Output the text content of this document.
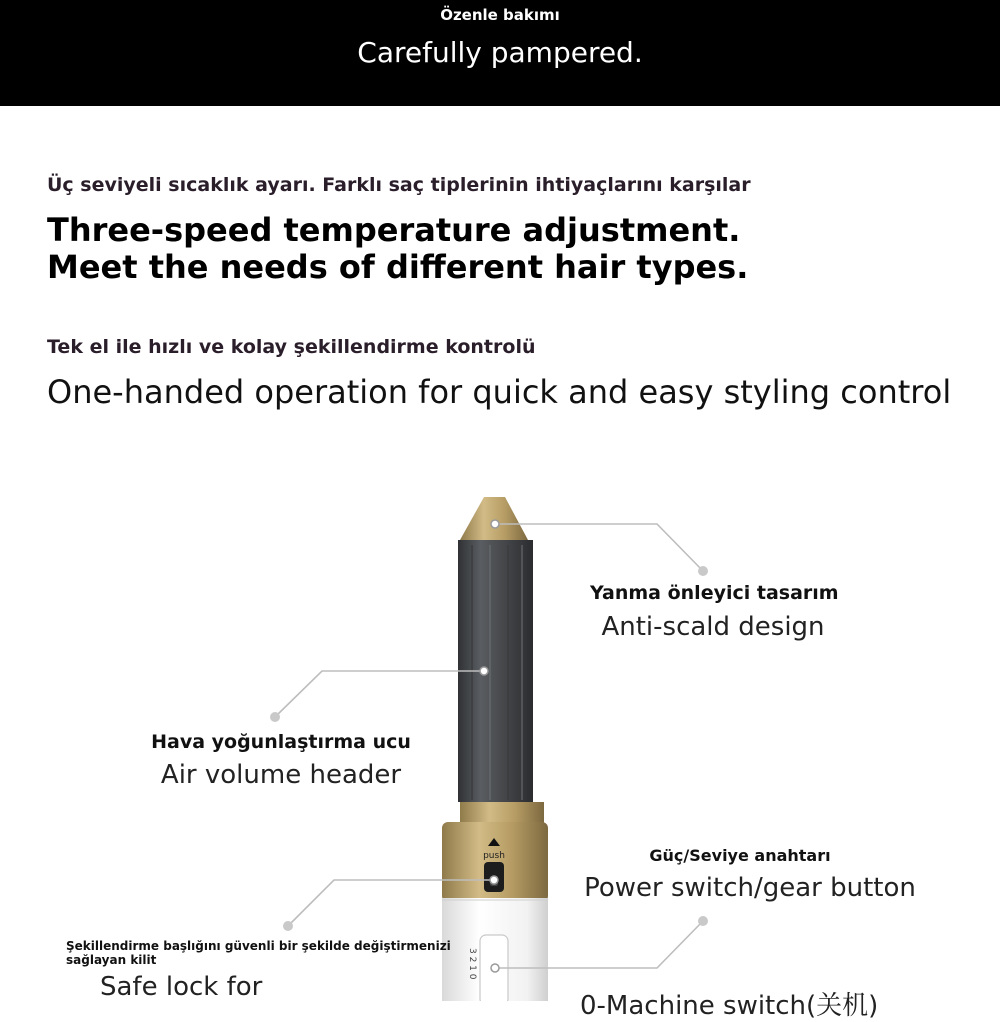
Özenle bakımı
Carefully pampered.
Üç seviyeli sıcaklık ayarı. Farklı saç tiplerinin ihtiyaçlarını karşılar
Three-speed temperature adjustment.
Meet the needs of different hair types.
Tek el ile hızlı ve kolay şekillendirme kontrolü
One-handed operation for quick and easy styling control
push
3 2 1 0
Yanma önleyici tasarım
Anti-scald design
Hava yoğunlaştırma ucu
Air volume header
Güç/Seviye anahtarı
Power switch/gear button
Şekillendirme başlığını güvenli bir şekilde değiştirmenizi sağlayan kilit
Safe lock for
0-Machine switch(关机)
